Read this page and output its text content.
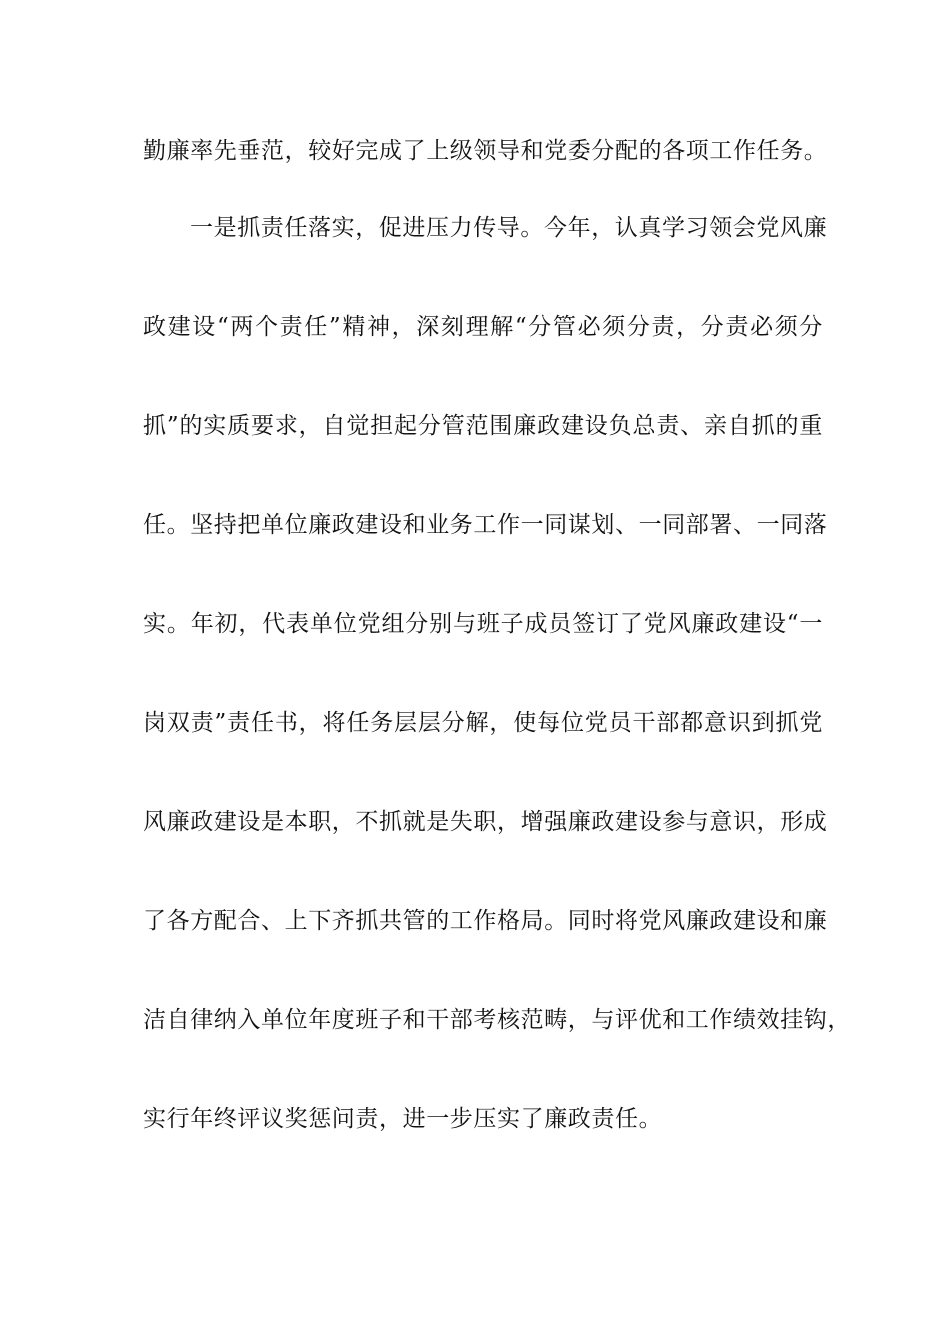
勤廉率先垂范，较好完成了上级领导和党委分配的各项工作任务。
一是抓责任落实，促进压力传导。今年，认真学习领会党风廉
政建设“两个责任”精神，深刻理解“分管必须分责，分责必须分
抓”的实质要求，自觉担起分管范围廉政建设负总责、亲自抓的重
任。坚持把单位廉政建设和业务工作一同谋划、一同部署、一同落
实。年初，代表单位党组分别与班子成员签订了党风廉政建设“一
岗双责”责任书，将任务层层分解，使每位党员干部都意识到抓党
风廉政建设是本职，不抓就是失职，增强廉政建设参与意识，形成
了各方配合、上下齐抓共管的工作格局。同时将党风廉政建设和廉
洁自律纳入单位年度班子和干部考核范畴，与评优和工作绩效挂钩，
实行年终评议奖惩问责，进一步压实了廉政责任。
